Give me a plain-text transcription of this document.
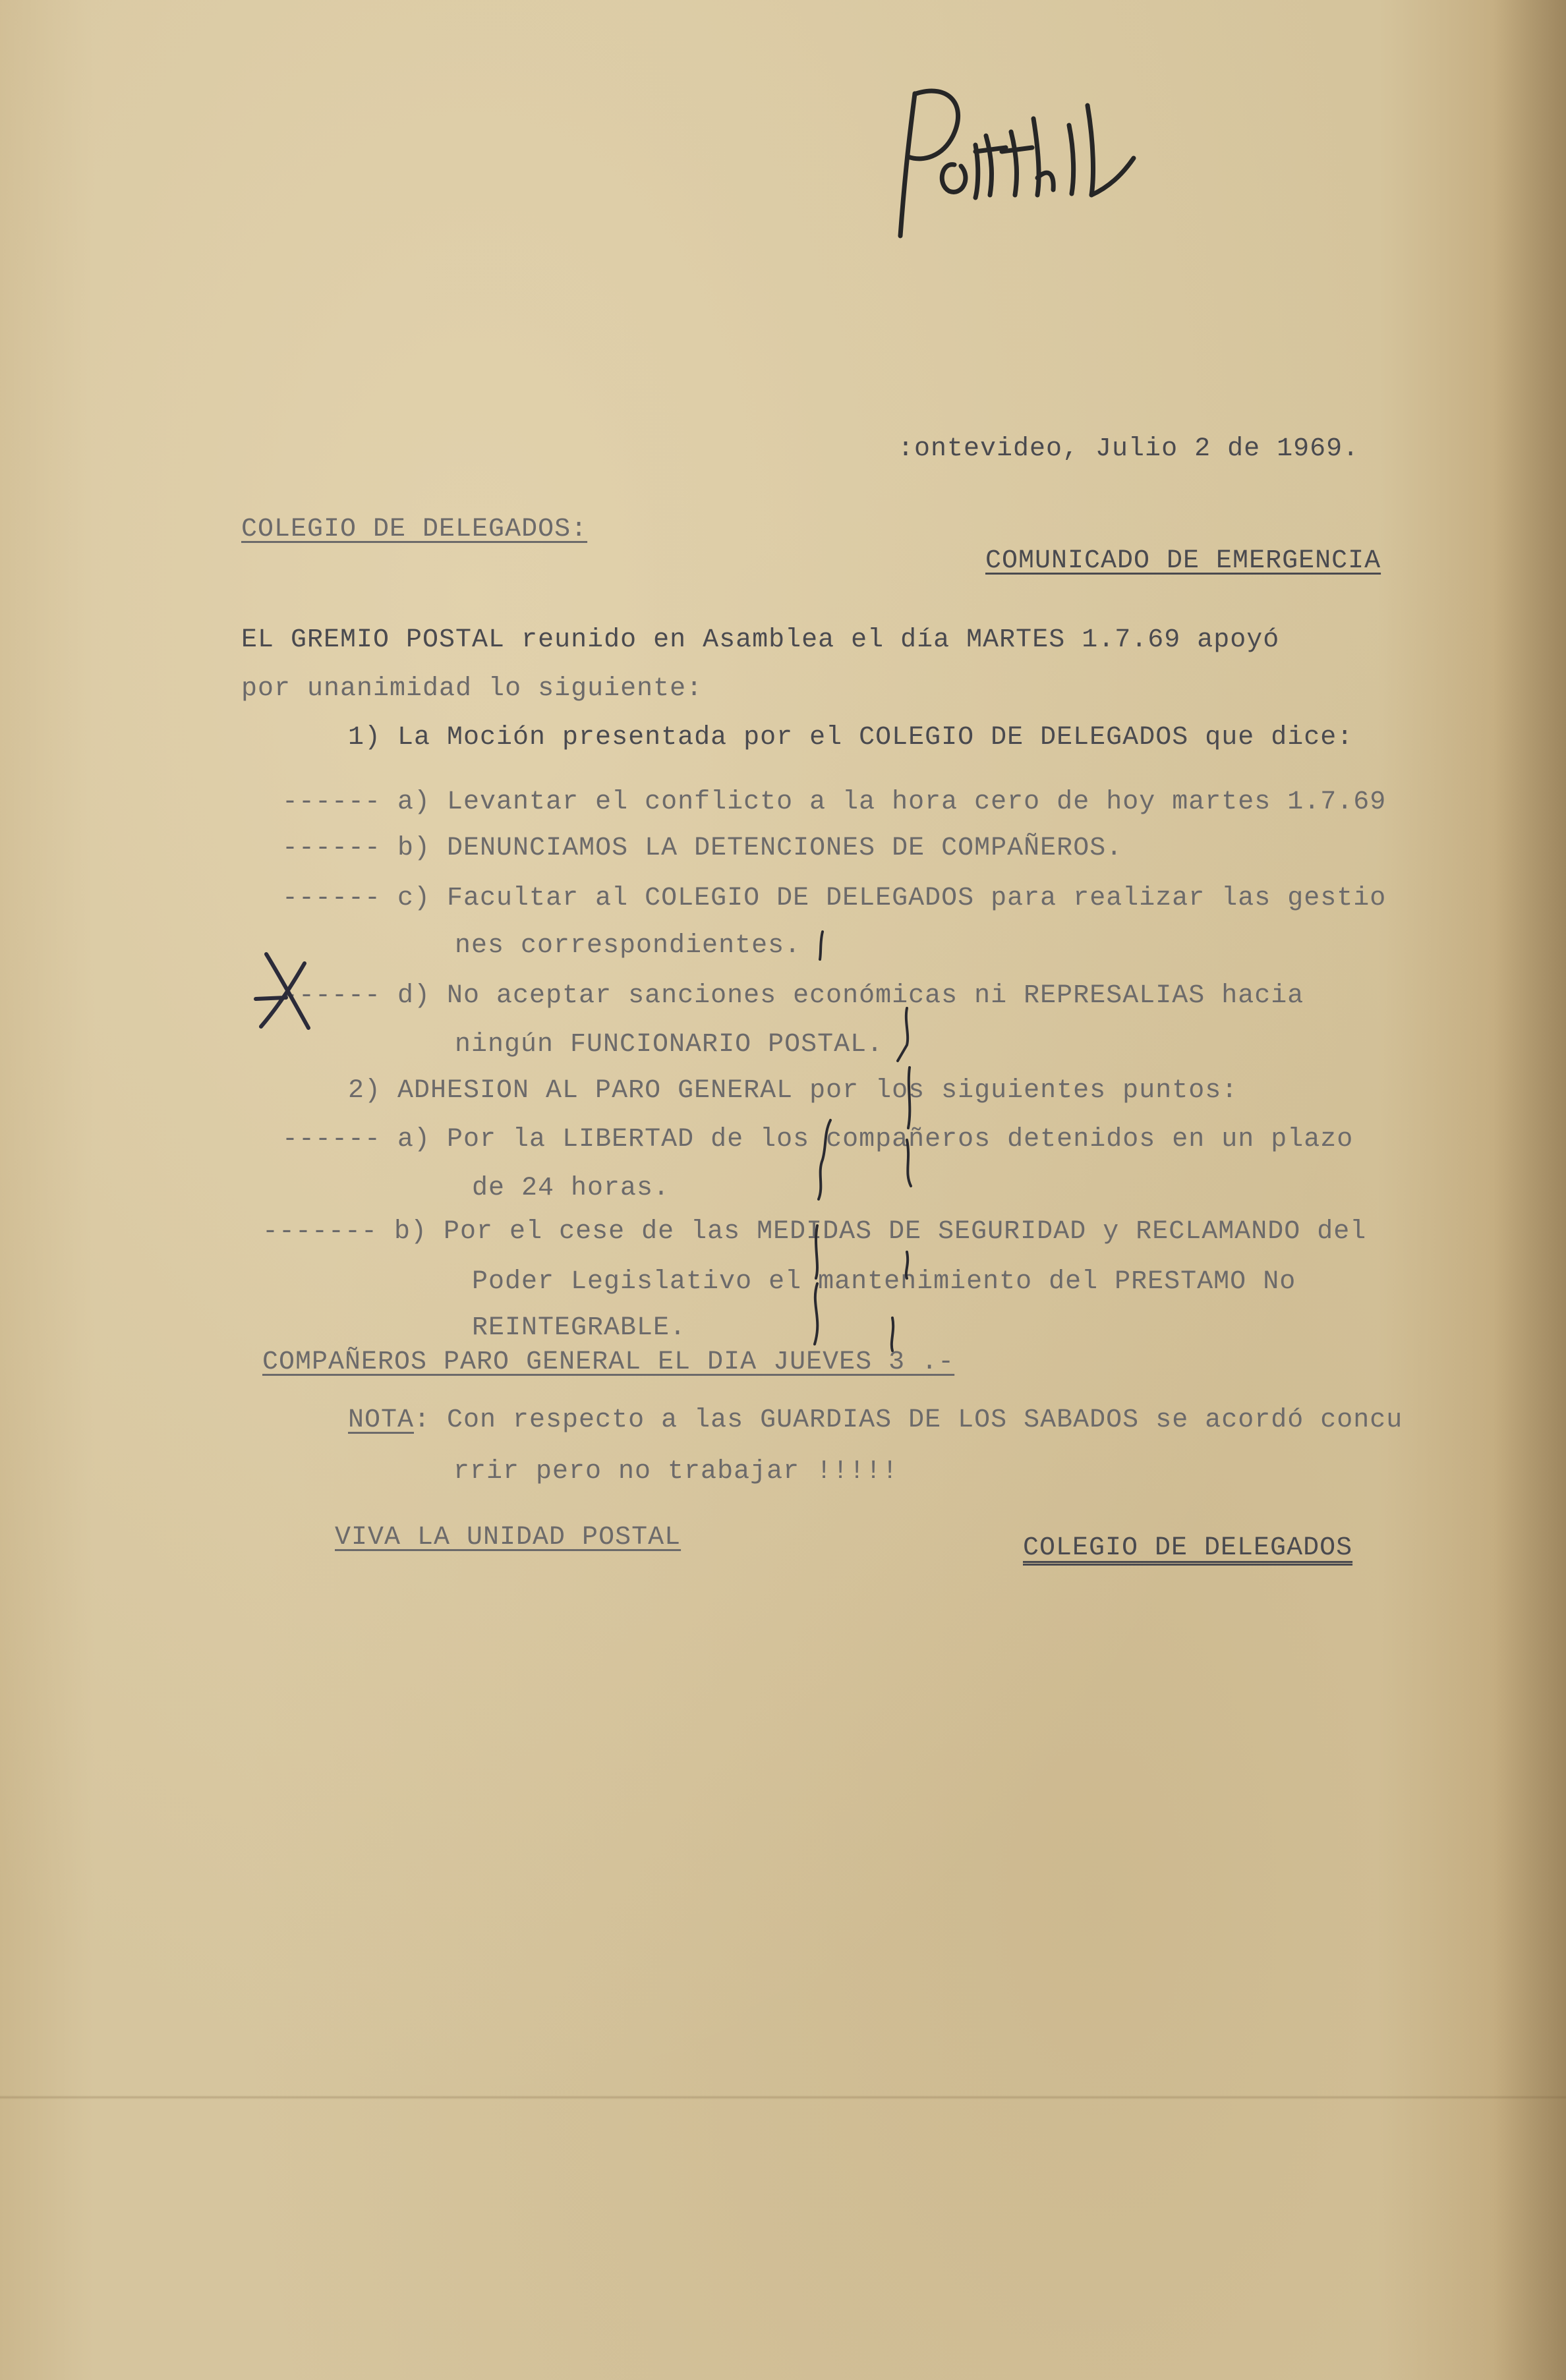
:ontevideo, Julio 2 de 1969.
COLEGIO DE DELEGADOS:
COMUNICADO DE EMERGENCIA
EL GREMIO POSTAL reunido en Asamblea el día MARTES 1.7.69 apoyó
por unanimidad lo siguiente:
1) La Moción presentada por el COLEGIO DE DELEGADOS que dice:
------ a) Levantar el conflicto a la hora cero de hoy martes 1.7.69
------ b) DENUNCIAMOS LA DETENCIONES DE COMPAÑEROS.
------ c) Facultar al COLEGIO DE DELEGADOS para realizar las gestio
nes correspondientes.
------ d) No aceptar sanciones económicas ni REPRESALIAS hacia
ningún FUNCIONARIO POSTAL.
2) ADHESION AL PARO GENERAL por los siguientes puntos:
------ a) Por la LIBERTAD de los compañeros detenidos en un plazo
de 24 horas.
------- b) Por el cese de las MEDIDAS DE SEGURIDAD y RECLAMANDO del
Poder Legislativo el mantenimiento del PRESTAMO No
REINTEGRABLE.
COMPAÑEROS PARO GENERAL EL DIA JUEVES 3 .-
NOTA: Con respecto a las GUARDIAS DE LOS SABADOS se acordó concu
rrir pero no trabajar !!!!!
VIVA LA UNIDAD POSTAL	COLEGIO DE DELEGADOS
